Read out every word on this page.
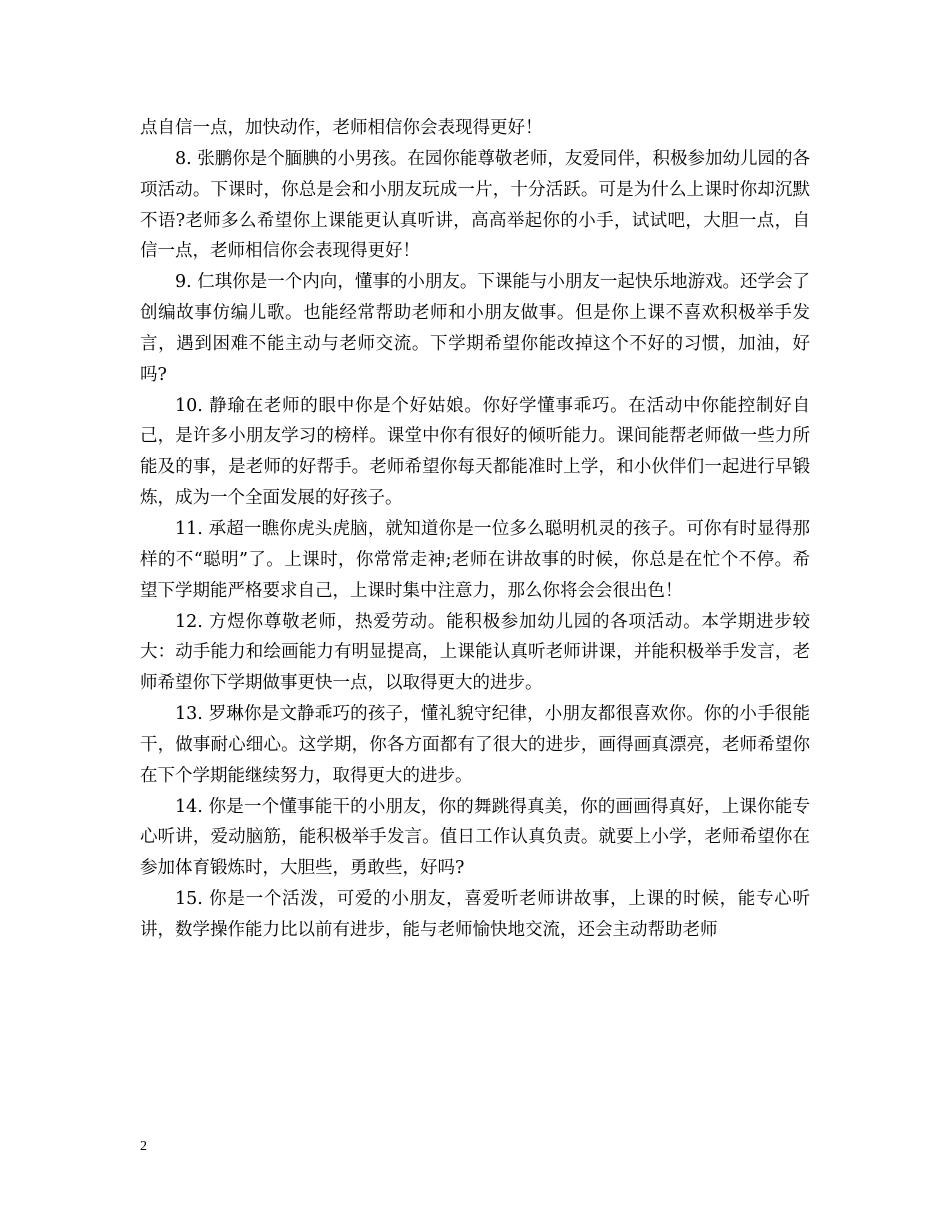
点自信一点，加快动作，老师相信你会表现得更好！

8. 张鹏你是个腼腆的小男孩。在园你能尊敬老师，友爱同伴，积极参加幼儿园的各项活动。下课时，你总是会和小朋友玩成一片，十分活跃。可是为什么上课时你却沉默不语?老师多么希望你上课能更认真听讲，高高举起你的小手，试试吧，大胆一点，自信一点，老师相信你会表现得更好！

9. 仁琪你是一个内向，懂事的小朋友。下课能与小朋友一起快乐地游戏。还学会了创编故事仿编儿歌。也能经常帮助老师和小朋友做事。但是你上课不喜欢积极举手发言，遇到困难不能主动与老师交流。下学期希望你能改掉这个不好的习惯，加油，好吗?

10. 静瑜在老师的眼中你是个好姑娘。你好学懂事乖巧。在活动中你能控制好自己，是许多小朋友学习的榜样。课堂中你有很好的倾听能力。课间能帮老师做一些力所能及的事，是老师的好帮手。老师希望你每天都能准时上学，和小伙伴们一起进行早锻炼，成为一个全面发展的好孩子。

11. 承超一瞧你虎头虎脑，就知道你是一位多么聪明机灵的孩子。可你有时显得那样的不“聪明”了。上课时，你常常走神;老师在讲故事的时候，你总是在忙个不停。希望下学期能严格要求自己，上课时集中注意力，那么你将会会很出色！

12. 方煜你尊敬老师，热爱劳动。能积极参加幼儿园的各项活动。本学期进步较大：动手能力和绘画能力有明显提高，上课能认真听老师讲课，并能积极举手发言，老师希望你下学期做事更快一点，以取得更大的进步。

13. 罗琳你是文静乖巧的孩子，懂礼貌守纪律，小朋友都很喜欢你。你的小手很能干，做事耐心细心。这学期，你各方面都有了很大的进步，画得画真漂亮，老师希望你在下个学期能继续努力，取得更大的进步。

14. 你是一个懂事能干的小朋友，你的舞跳得真美，你的画画得真好，上课你能专心听讲，爱动脑筋，能积极举手发言。值日工作认真负责。就要上小学，老师希望你在参加体育锻炼时，大胆些，勇敢些，好吗?

15. 你是一个活泼，可爱的小朋友，喜爱听老师讲故事，上课的时候，能专心听讲，数学操作能力比以前有进步，能与老师愉快地交流，还会主动帮助老师

2
